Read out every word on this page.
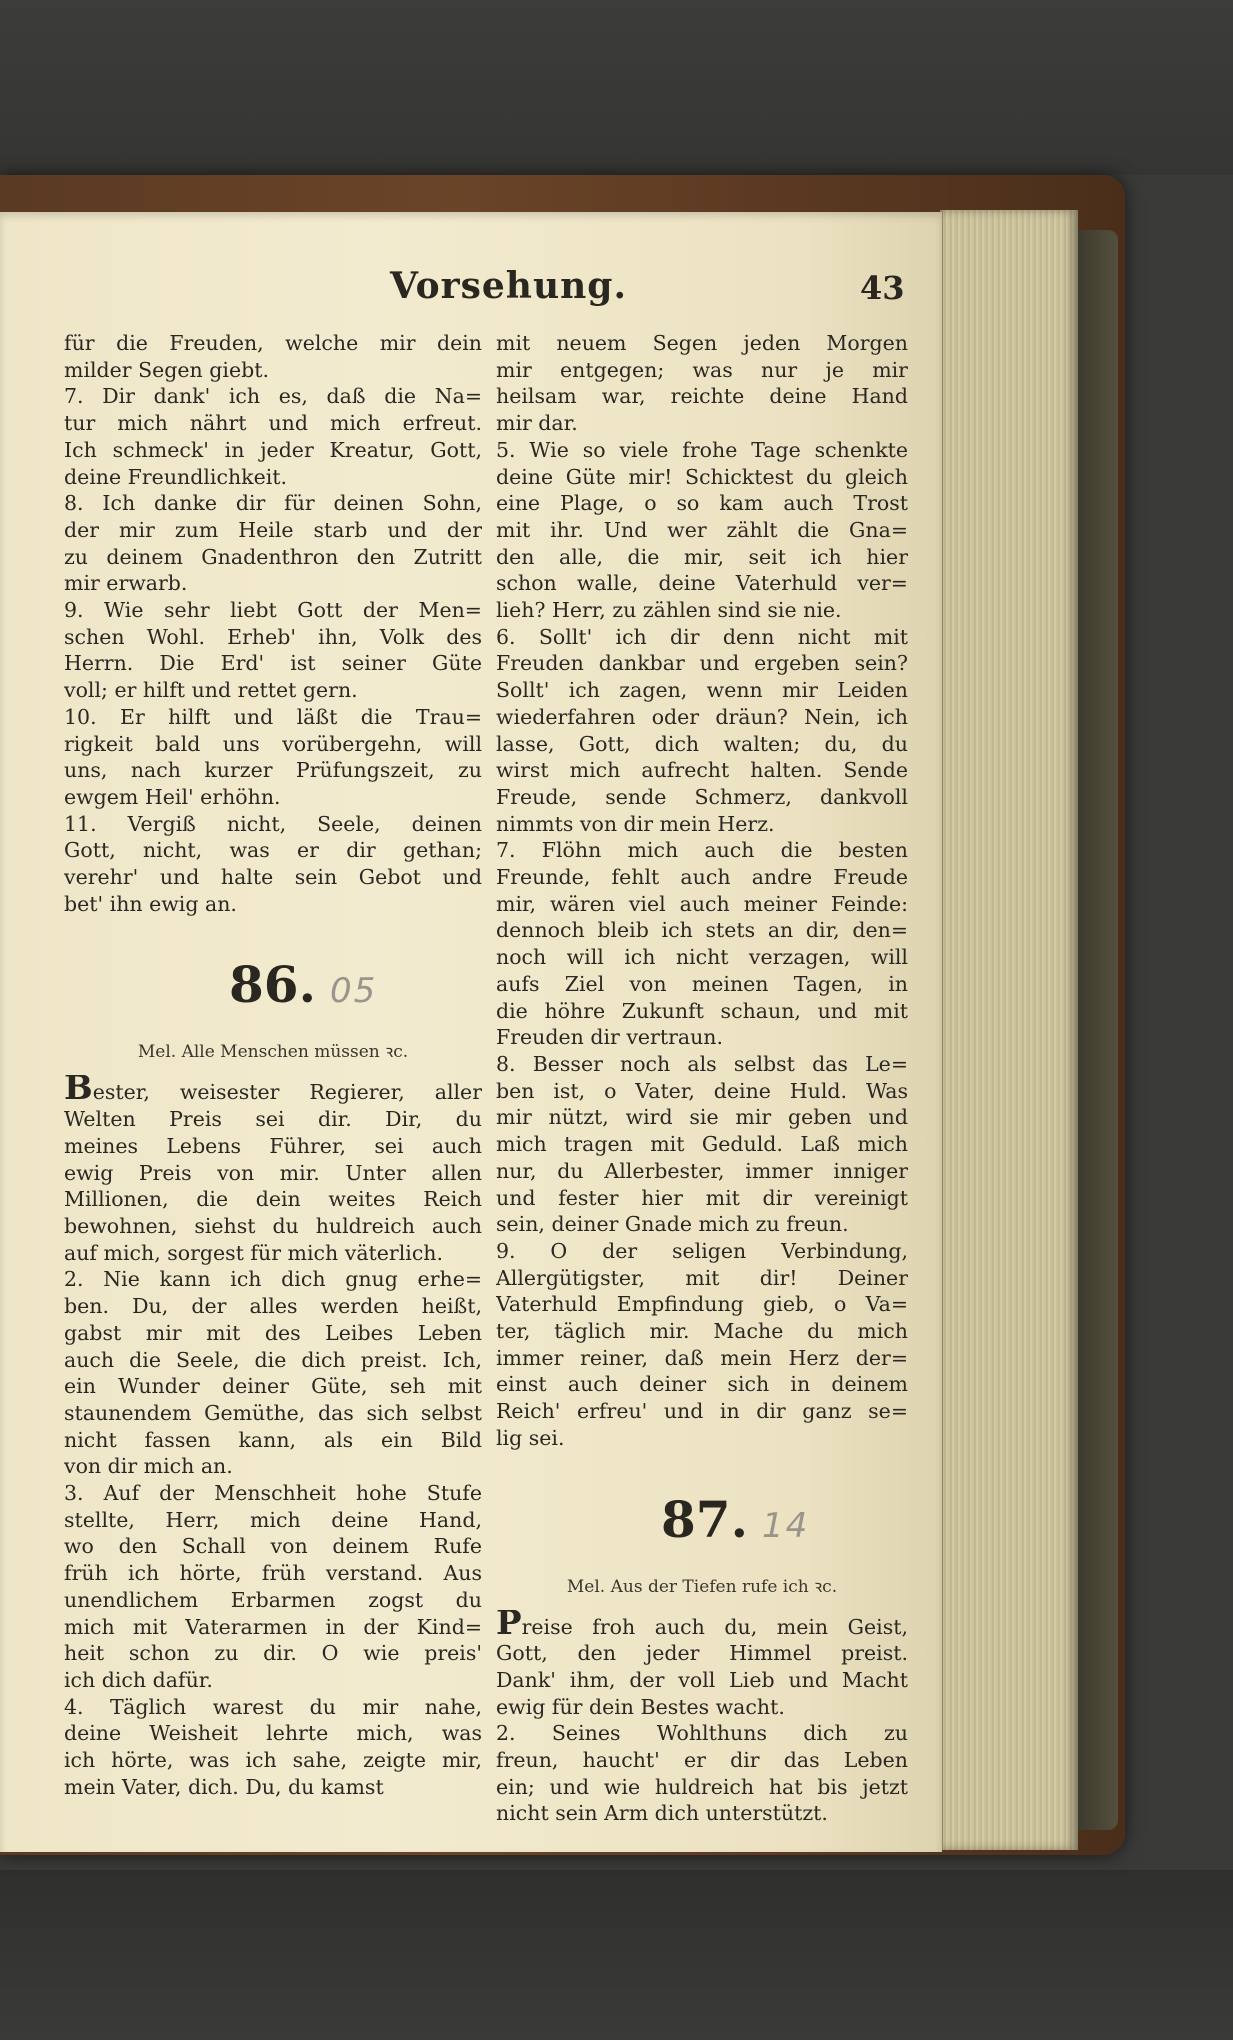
Vorsehung.	43
für die Freuden, welche mir dein
milder Segen giebt.
7. Dir dank' ich es, daß die Na=
tur mich nährt und mich erfreut.
Ich schmeck' in jeder Kreatur, Gott,
deine Freundlichkeit.
8. Ich danke dir für deinen Sohn,
der mir zum Heile starb und der
zu deinem Gnadenthron den Zutritt
mir erwarb.
9. Wie sehr liebt Gott der Men=
schen Wohl. Erheb' ihn, Volk des
Herrn. Die Erd' ist seiner Güte
voll; er hilft und rettet gern.
10. Er hilft und läßt die Trau=
rigkeit bald uns vorübergehn, will
uns, nach kurzer Prüfungszeit, zu
ewgem Heil' erhöhn.
11. Vergiß nicht, Seele, deinen
Gott, nicht, was er dir gethan;
verehr' und halte sein Gebot und
bet' ihn ewig an.
86. 05
Mel. Alle Menschen müssen ꝛc.
Bester, weisester Regierer, aller
Welten Preis sei dir. Dir, du
meines Lebens Führer, sei auch
ewig Preis von mir. Unter allen
Millionen, die dein weites Reich
bewohnen, siehst du huldreich auch
auf mich, sorgest für mich väterlich.
2. Nie kann ich dich gnug erhe=
ben. Du, der alles werden heißt,
gabst mir mit des Leibes Leben
auch die Seele, die dich preist. Ich,
ein Wunder deiner Güte, seh mit
staunendem Gemüthe, das sich selbst
nicht fassen kann, als ein Bild
von dir mich an.
3. Auf der Menschheit hohe Stufe
stellte, Herr, mich deine Hand,
wo den Schall von deinem Rufe
früh ich hörte, früh verstand. Aus
unendlichem Erbarmen zogst du
mich mit Vaterarmen in der Kind=
heit schon zu dir. O wie preis'
ich dich dafür.
4. Täglich warest du mir nahe,
deine Weisheit lehrte mich, was
ich hörte, was ich sahe, zeigte mir,
mein Vater, dich. Du, du kamst
mit neuem Segen jeden Morgen
mir entgegen; was nur je mir
heilsam war, reichte deine Hand
mir dar.
5. Wie so viele frohe Tage schenkte
deine Güte mir! Schicktest du gleich
eine Plage, o so kam auch Trost
mit ihr. Und wer zählt die Gna=
den alle, die mir, seit ich hier
schon walle, deine Vaterhuld ver=
lieh? Herr, zu zählen sind sie nie.
6. Sollt' ich dir denn nicht mit
Freuden dankbar und ergeben sein?
Sollt' ich zagen, wenn mir Leiden
wiederfahren oder dräun? Nein, ich
lasse, Gott, dich walten; du, du
wirst mich aufrecht halten. Sende
Freude, sende Schmerz, dankvoll
nimmts von dir mein Herz.
7. Flöhn mich auch die besten
Freunde, fehlt auch andre Freude
mir, wären viel auch meiner Feinde:
dennoch bleib ich stets an dir, den=
noch will ich nicht verzagen, will
aufs Ziel von meinen Tagen, in
die höhre Zukunft schaun, und mit
Freuden dir vertraun.
8. Besser noch als selbst das Le=
ben ist, o Vater, deine Huld. Was
mir nützt, wird sie mir geben und
mich tragen mit Geduld. Laß mich
nur, du Allerbester, immer inniger
und fester hier mit dir vereinigt
sein, deiner Gnade mich zu freun.
9. O der seligen Verbindung,
Allergütigster, mit dir! Deiner
Vaterhuld Empfindung gieb, o Va=
ter, täglich mir. Mache du mich
immer reiner, daß mein Herz der=
einst auch deiner sich in deinem
Reich' erfreu' und in dir ganz se=
lig sei.
87. 14
Mel. Aus der Tiefen rufe ich ꝛc.
Preise froh auch du, mein Geist,
Gott, den jeder Himmel preist.
Dank' ihm, der voll Lieb und Macht
ewig für dein Bestes wacht.
2. Seines Wohlthuns dich zu
freun, haucht' er dir das Leben
ein; und wie huldreich hat bis jetzt
nicht sein Arm dich unterstützt.
